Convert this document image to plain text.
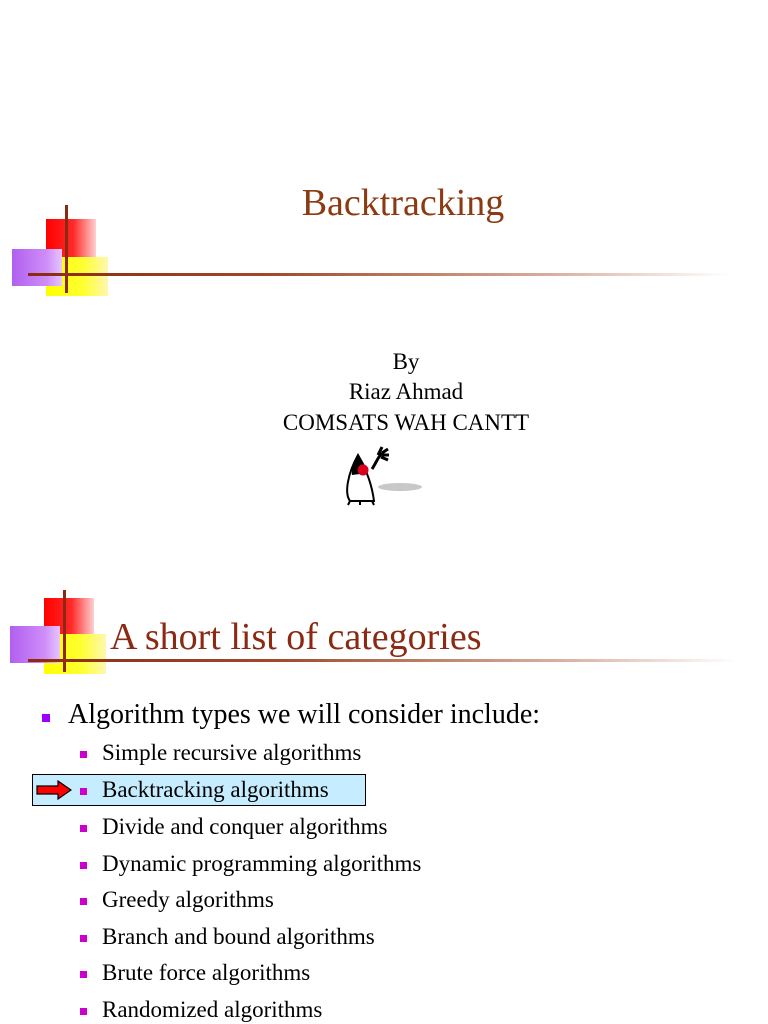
Backtracking
By
Riaz Ahmad
COMSATS WAH CANTT
A short list of categories
Algorithm types we will consider include:
Simple recursive algorithms
Backtracking algorithms
Divide and conquer algorithms
Dynamic programming algorithms
Greedy algorithms
Branch and bound algorithms
Brute force algorithms
Randomized algorithms
